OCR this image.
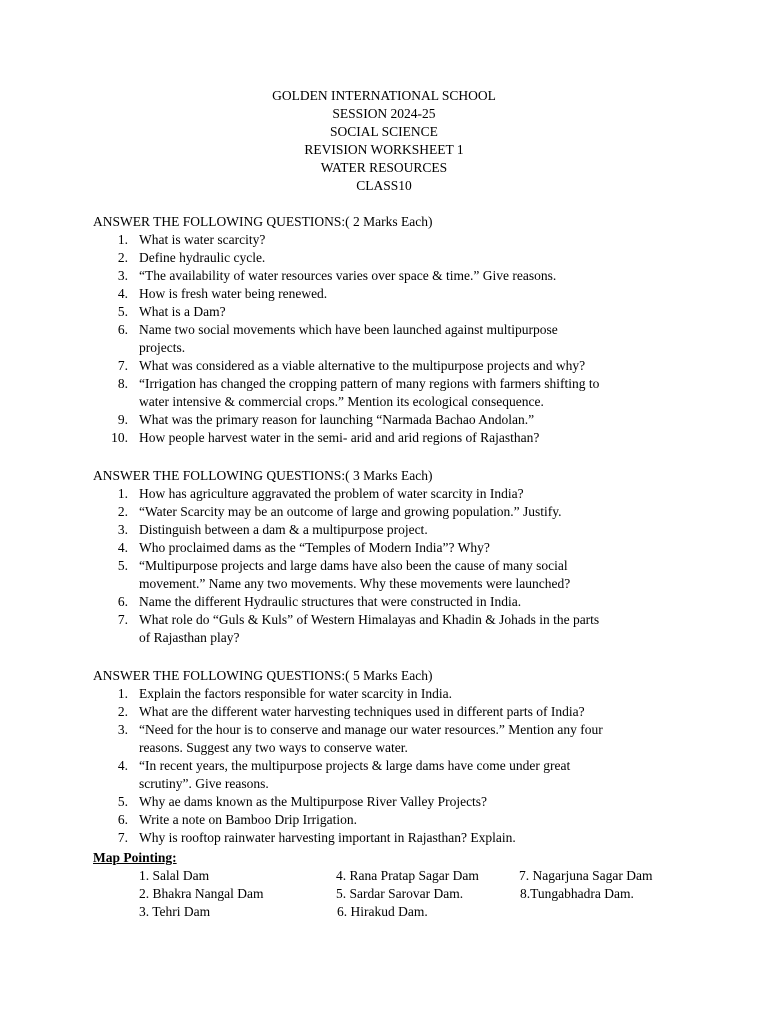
GOLDEN INTERNATIONAL SCHOOL
SESSION 2024-25
SOCIAL SCIENCE
REVISION WORKSHEET 1
WATER RESOURCES
CLASS10
ANSWER THE FOLLOWING QUESTIONS:( 2 Marks Each)
1. What is water scarcity?
2. Define hydraulic cycle.
3. “The availability of water resources varies over space & time.” Give reasons.
4. How is fresh water being renewed.
5. What is a Dam?
6. Name two social movements which have been launched against multipurpose
projects.
7. What was considered as a viable alternative to the multipurpose projects and why?
8. “Irrigation has changed the cropping pattern of many regions with farmers shifting to
water intensive & commercial crops.” Mention its ecological consequence.
9. What was the primary reason for launching “Narmada Bachao Andolan.”
10. How people harvest water in the semi- arid and arid regions of Rajasthan?
ANSWER THE FOLLOWING QUESTIONS:( 3 Marks Each)
1. How has agriculture aggravated the problem of water scarcity in India?
2. “Water Scarcity may be an outcome of large and growing population.” Justify.
3. Distinguish between a dam & a multipurpose project.
4. Who proclaimed dams as the “Temples of Modern India”? Why?
5. “Multipurpose projects and large dams have also been the cause of many social
movement.” Name any two movements. Why these movements were launched?
6. Name the different Hydraulic structures that were constructed in India.
7. What role do “Guls & Kuls” of Western Himalayas and Khadin & Johads in the parts
of Rajasthan play?
ANSWER THE FOLLOWING QUESTIONS:( 5 Marks Each)
1. Explain the factors responsible for water scarcity in India.
2. What are the different water harvesting techniques used in different parts of India?
3. “Need for the hour is to conserve and manage our water resources.” Mention any four
reasons. Suggest any two ways to conserve water.
4. “In recent years, the multipurpose projects & large dams have come under great
scrutiny”. Give reasons.
5. Why ae dams known as the Multipurpose River Valley Projects?
6. Write a note on Bamboo Drip Irrigation.
7. Why is rooftop rainwater harvesting important in Rajasthan? Explain.
Map Pointing:
1. Salal Dam	4. Rana Pratap Sagar Dam	7. Nagarjuna Sagar Dam
2. Bhakra Nangal Dam	5. Sardar Sarovar Dam.	8.Tungabhadra Dam.
3. Tehri Dam	6. Hirakud Dam.
